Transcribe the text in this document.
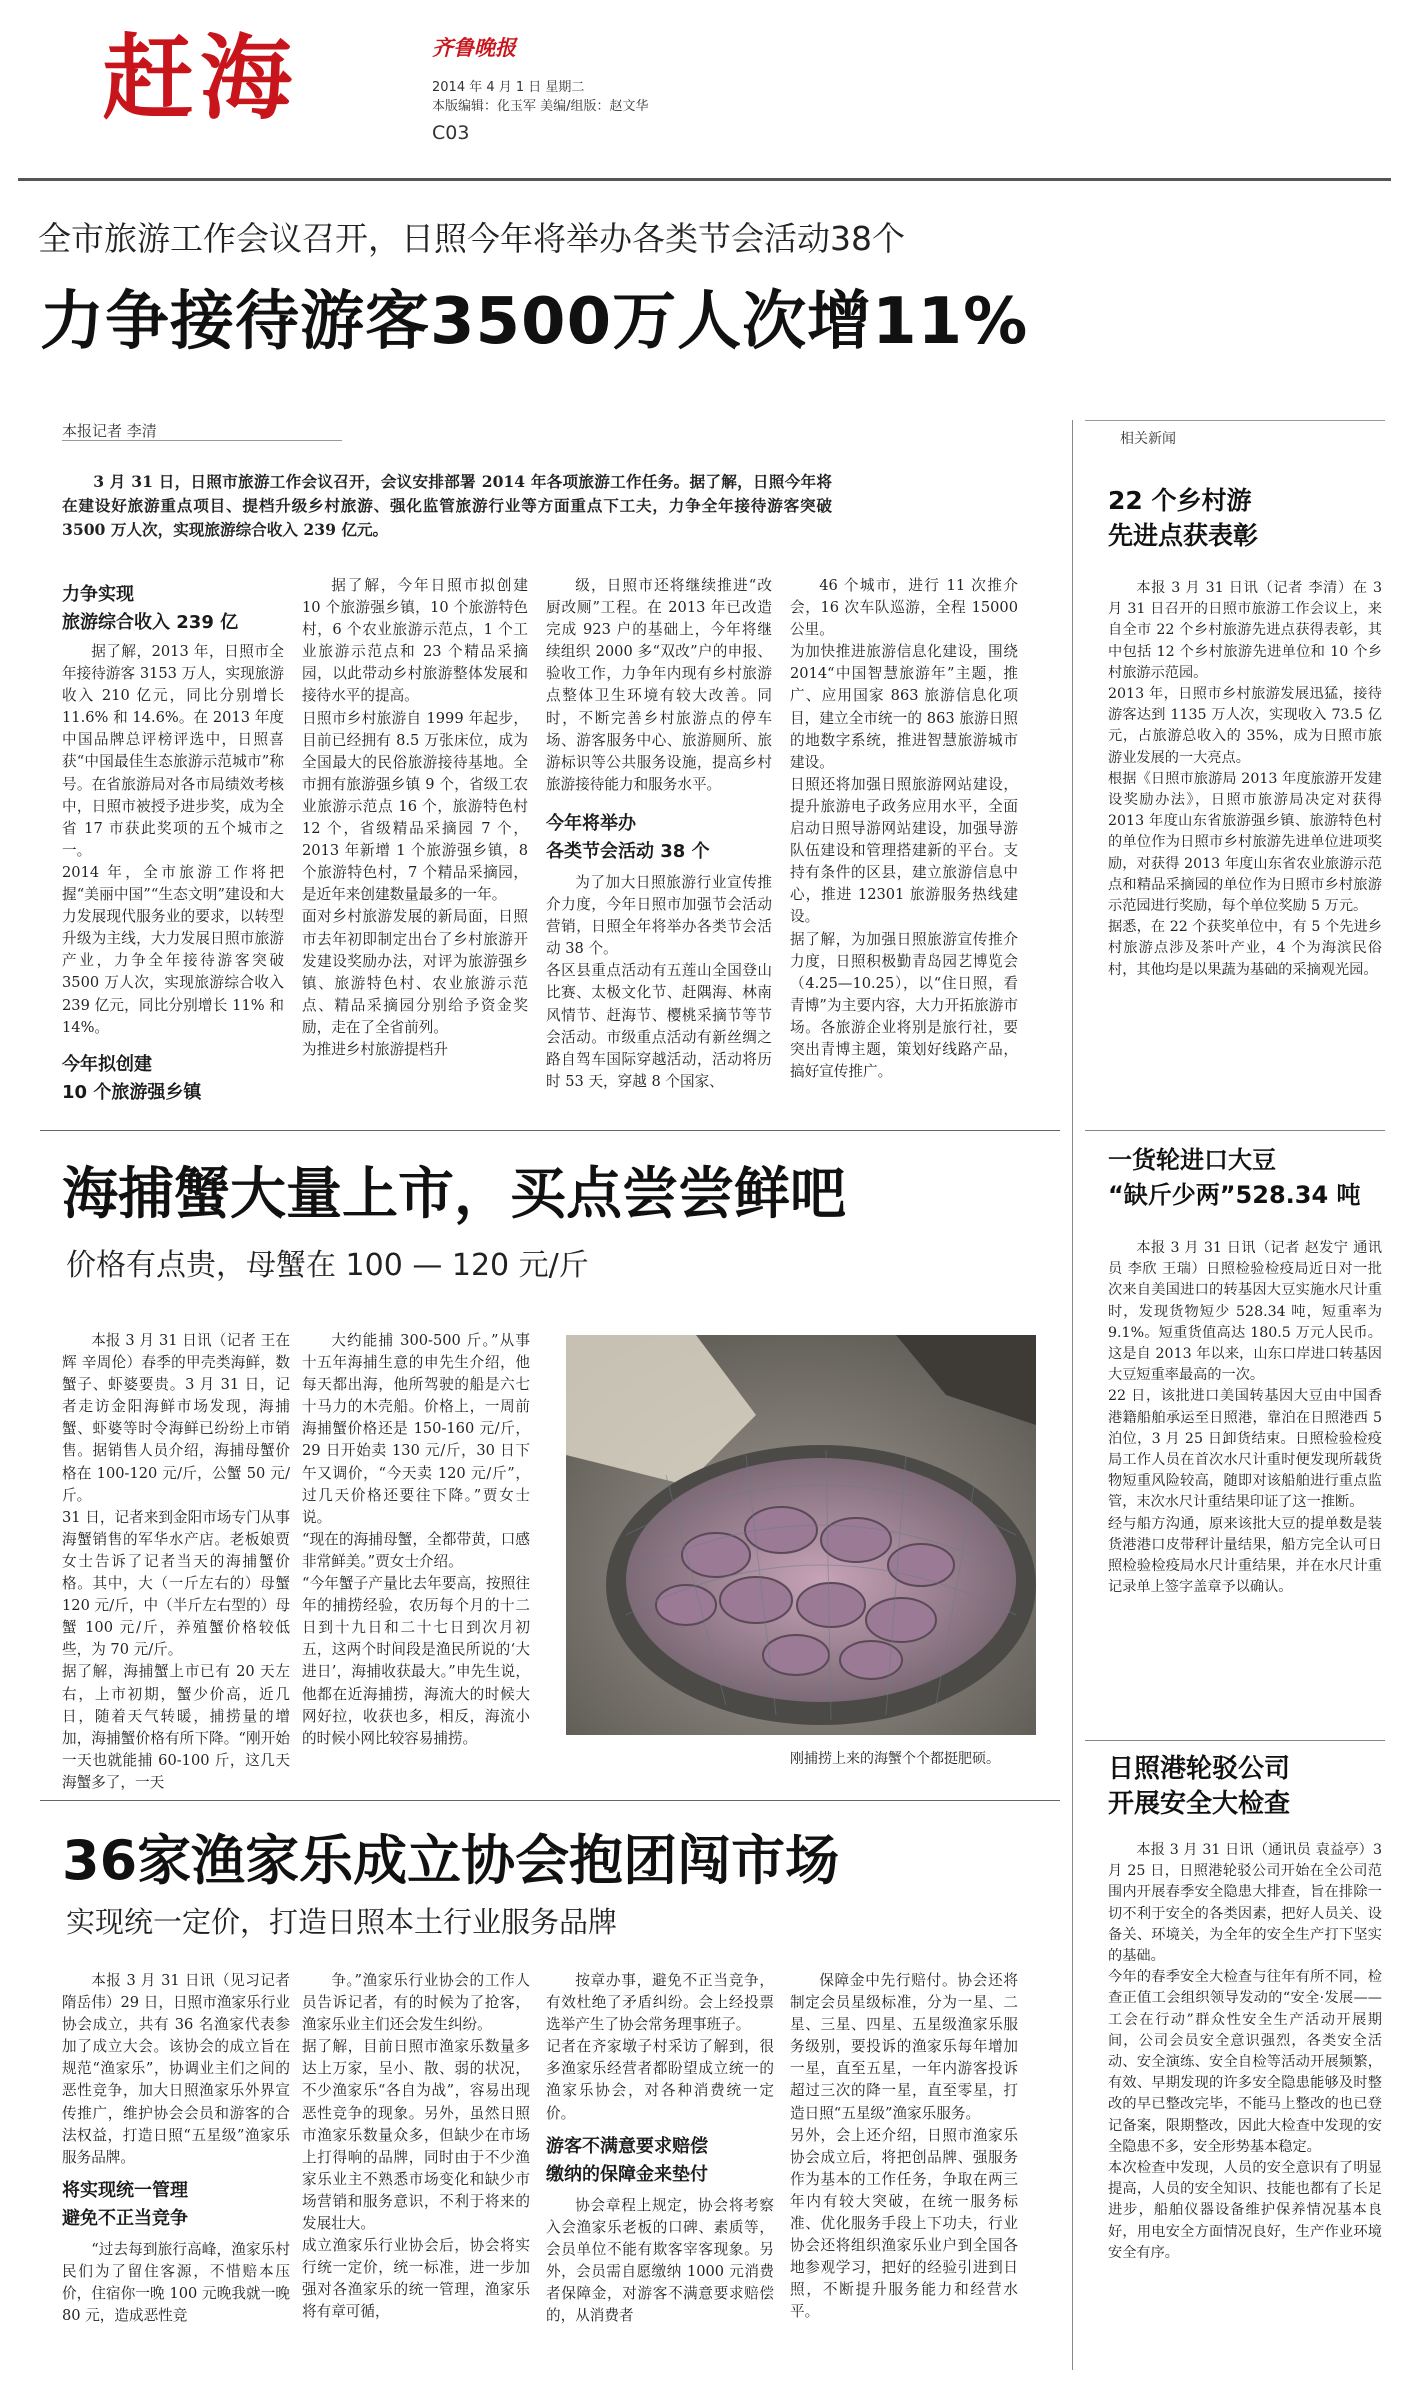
赶海	齐鲁晚报
2014 年 4 月 1 日 星期二
本版编辑：化玉军 美编/组版：赵文华
C03
全市旅游工作会议召开，日照今年将举办各类节会活动38个
力争接待游客3500万人次增11%
本报记者 李清
3 月 31 日，日照市旅游工作会议召开，会议安排部署 2014 年各项旅游工作任务。据了解，日照今年将在建设好旅游重点项目、提档升级乡村旅游、强化监管旅游行业等方面重点下工夫，力争全年接待游客突破 3500 万人次，实现旅游综合收入 239 亿元。
力争实现
旅游综合收入 239 亿
据了解，2013 年，日照市全年接待游客 3153 万人，实现旅游收入 210 亿元，同比分别增长 11.6% 和 14.6%。在 2013 年度中国品牌总评榜评选中，日照喜获“中国最佳生态旅游示范城市”称号。在省旅游局对各市局绩效考核中，日照市被授予进步奖，成为全省 17 市获此奖项的五个城市之一。
2014 年，全市旅游工作将把握“美丽中国”“生态文明”建设和大力发展现代服务业的要求，以转型升级为主线，大力发展日照市旅游产业，力争全年接待游客突破 3500 万人次，实现旅游综合收入 239 亿元，同比分别增长 11% 和 14%。
今年拟创建
10 个旅游强乡镇
据了解，今年日照市拟创建 10 个旅游强乡镇，10 个旅游特色村，6 个农业旅游示范点，1 个工业旅游示范点和 23 个精品采摘园，以此带动乡村旅游整体发展和接待水平的提高。
日照市乡村旅游自 1999 年起步，目前已经拥有 8.5 万张床位，成为全国最大的民俗旅游接待基地。全市拥有旅游强乡镇 9 个，省级工农业旅游示范点 16 个，旅游特色村 12 个，省级精品采摘园 7 个，2013 年新增 1 个旅游强乡镇，8 个旅游特色村，7 个精品采摘园，是近年来创建数量最多的一年。
面对乡村旅游发展的新局面，日照市去年初即制定出台了乡村旅游开发建设奖励办法，对评为旅游强乡镇、旅游特色村、农业旅游示范点、精品采摘园分别给予资金奖励，走在了全省前列。
为推进乡村旅游提档升
级，日照市还将继续推进“改厨改厕”工程。在 2013 年已改造完成 923 户的基础上，今年将继续组织 2000 多“双改”户的申报、验收工作，力争年内现有乡村旅游点整体卫生环境有较大改善。同时，不断完善乡村旅游点的停车场、游客服务中心、旅游厕所、旅游标识等公共服务设施，提高乡村旅游接待能力和服务水平。
今年将举办
各类节会活动 38 个
为了加大日照旅游行业宣传推介力度，今年日照市加强节会活动营销，日照全年将举办各类节会活动 38 个。
各区县重点活动有五莲山全国登山比赛、太极文化节、赶隅海、林南风情节、赶海节、樱桃采摘节等节会活动。市级重点活动有新丝绸之路自驾车国际穿越活动，活动将历时 53 天，穿越 8 个国家、
46 个城市，进行 11 次推介会，16 次车队巡游，全程 15000 公里。
为加快推进旅游信息化建设，围绕 2014“中国智慧旅游年”主题，推广、应用国家 863 旅游信息化项目，建立全市统一的 863 旅游日照的地数字系统，推进智慧旅游城市建设。
日照还将加强日照旅游网站建设，提升旅游电子政务应用水平，全面启动日照导游网站建设，加强导游队伍建设和管理搭建新的平台。支持有条件的区县，建立旅游信息中心，推进 12301 旅游服务热线建设。
据了解，为加强日照旅游宣传推介力度，日照积极勤青岛园艺博览会（4.25—10.25），以“住日照，看青博”为主要内容，大力开拓旅游市场。各旅游企业将别是旅行社，要突出青博主题，策划好线路产品，搞好宣传推广。
海捕蟹大量上市，买点尝尝鲜吧
价格有点贵，母蟹在 100 — 120 元/斤
本报 3 月 31 日讯（记者 王在辉 辛周伦）春季的甲壳类海鲜，数蟹子、虾婆要贵。3 月 31 日，记者走访金阳海鲜市场发现，海捕蟹、虾婆等时令海鲜已纷纷上市销售。据销售人员介绍，海捕母蟹价格在 100-120 元/斤，公蟹 50 元/斤。
31 日，记者来到金阳市场专门从事海蟹销售的军华水产店。老板娘贾女士告诉了记者当天的海捕蟹价格。其中，大（一斤左右的）母蟹 120 元/斤，中（半斤左右型的）母蟹 100 元/斤，养殖蟹价格较低些，为 70 元/斤。
据了解，海捕蟹上市已有 20 天左右，上市初期，蟹少价高，近几日，随着天气转暖，捕捞量的增加，海捕蟹价格有所下降。“刚开始一天也就能捕 60-100 斤，这几天海蟹多了，一天
大约能捕 300-500 斤。”从事十五年海捕生意的申先生介绍，他每天都出海，他所驾驶的船是六七十马力的木壳船。价格上，一周前海捕蟹价格还是 150-160 元/斤，29 日开始卖 130 元/斤，30 日下午又调价，“今天卖 120 元/斤”，过几天价格还要往下降。”贾女士说。
“现在的海捕母蟹，全都带黄，口感非常鲜美。”贾女士介绍。
“今年蟹子产量比去年要高，按照往年的捕捞经验，农历每个月的十二日到十九日和二十七日到次月初五，这两个时间段是渔民所说的‘大进日’，海捕收获最大。”申先生说，他都在近海捕捞，海流大的时候大网好拉，收获也多，相反，海流小的时候小网比较容易捕捞。
刚捕捞上来的海蟹个个都挺肥硕。
36家渔家乐成立协会抱团闯市场
实现统一定价，打造日照本土行业服务品牌
本报 3 月 31 日讯（见习记者 隋岳伟）29 日，日照市渔家乐行业协会成立，共有 36 名渔家代表参加了成立大会。该协会的成立旨在规范“渔家乐”，协调业主们之间的恶性竞争，加大日照渔家乐外界宣传推广，维护协会会员和游客的合法权益，打造日照“五星级”渔家乐服务品牌。
将实现统一管理
避免不正当竞争
“过去每到旅行高峰，渔家乐村民们为了留住客源，不惜赔本压价，住宿你一晚 100 元晚我就一晚 80 元，造成恶性竞
争。”渔家乐行业协会的工作人员告诉记者，有的时候为了抢客，渔家乐业主们还会发生纠纷。
据了解，目前日照市渔家乐数量多达上万家，呈小、散、弱的状况，不少渔家乐“各自为战”，容易出现恶性竞争的现象。另外，虽然日照市渔家乐数量众多，但缺少在市场上打得响的品牌，同时由于不少渔家乐业主不熟悉市场变化和缺少市场营销和服务意识，不利于将来的发展壮大。
成立渔家乐行业协会后，协会将实行统一定价，统一标准，进一步加强对各渔家乐的统一管理，渔家乐将有章可循，
按章办事，避免不正当竞争，有效杜绝了矛盾纠纷。会上经投票选举产生了协会常务理事班子。
记者在齐家墩子村采访了解到，很多渔家乐经营者都盼望成立统一的渔家乐协会，对各种消费统一定价。
游客不满意要求赔偿
缴纳的保障金来垫付
协会章程上规定，协会将考察入会渔家乐老板的口碑、素质等，会员单位不能有欺客宰客现象。另外，会员需自愿缴纳 1000 元消费者保障金，对游客不满意要求赔偿的，从消费者
保障金中先行赔付。协会还将制定会员星级标准，分为一星、二星、三星、四星、五星级渔家乐服务级别，要投诉的渔家乐每年增加一星，直至五星，一年内游客投诉超过三次的降一星，直至零星，打造日照“五星级”渔家乐服务。
另外，会上还介绍，日照市渔家乐协会成立后，将把创品牌、强服务作为基本的工作任务，争取在两三年内有较大突破，在统一服务标准、优化服务手段上下功夫，行业协会还将组织渔家乐业户到全国各地参观学习，把好的经验引进到日照，不断提升服务能力和经营水平。
相关新闻
22 个乡村游
先进点获表彰
本报 3 月 31 日讯（记者 李清）在 3 月 31 日召开的日照市旅游工作会议上，来自全市 22 个乡村旅游先进点获得表彰，其中包括 12 个乡村旅游先进单位和 10 个乡村旅游示范园。
2013 年，日照市乡村旅游发展迅猛，接待游客达到 1135 万人次，实现收入 73.5 亿元，占旅游总收入的 35%，成为日照市旅游业发展的一大亮点。
根据《日照市旅游局 2013 年度旅游开发建设奖励办法》，日照市旅游局决定对获得 2013 年度山东省旅游强乡镇、旅游特色村的单位作为日照市乡村旅游先进单位进项奖励，对获得 2013 年度山东省农业旅游示范点和精品采摘园的单位作为日照市乡村旅游示范园进行奖励，每个单位奖励 5 万元。
据悉，在 22 个获奖单位中，有 5 个先进乡村旅游点涉及茶叶产业，4 个为海滨民俗村，其他均是以果蔬为基础的采摘观光园。
一货轮进口大豆
“缺斤少两”528.34 吨
本报 3 月 31 日讯（记者 赵发宁 通讯员 李欣 王瑞）日照检验检疫局近日对一批次来自美国进口的转基因大豆实施水尺计重时，发现货物短少 528.34 吨，短重率为 9.1%。短重货值高达 180.5 万元人民币。这是自 2013 年以来，山东口岸进口转基因大豆短重率最高的一次。
22 日，该批进口美国转基因大豆由中国香港籍船舶承运至日照港，靠泊在日照港西 5 泊位，3 月 25 日卸货结束。日照检验检疫局工作人员在首次水尺计重时便发现所载货物短重风险较高，随即对该船舶进行重点监管，末次水尺计重结果印证了这一推断。
经与船方沟通，原来该批大豆的提单数是装货港港口皮带秤计量结果，船方完全认可日照检验检疫局水尺计重结果，并在水尺计重记录单上签字盖章予以确认。
日照港轮驳公司
开展安全大检查
本报 3 月 31 日讯（通讯员 袁益亭）3 月 25 日，日照港轮驳公司开始在全公司范围内开展春季安全隐患大排查，旨在排除一切不利于安全的各类因素，把好人员关、设备关、环境关，为全年的安全生产打下坚实的基础。
今年的春季安全大检查与往年有所不同，检查正值工会组织领导发动的“安全·发展——工会在行动”群众性安全生产活动开展期间，公司会员安全意识强烈，各类安全活动、安全演练、安全自检等活动开展频繁，有效、早期发现的许多安全隐患能够及时整改的早已整改完毕，不能马上整改的也已登记备案，限期整改，因此大检查中发现的安全隐患不多，安全形势基本稳定。
本次检查中发现，人员的安全意识有了明显提高，人员的安全知识、技能也都有了长足进步，船舶仪器设备维护保养情况基本良好，用电安全方面情况良好，生产作业环境安全有序。
